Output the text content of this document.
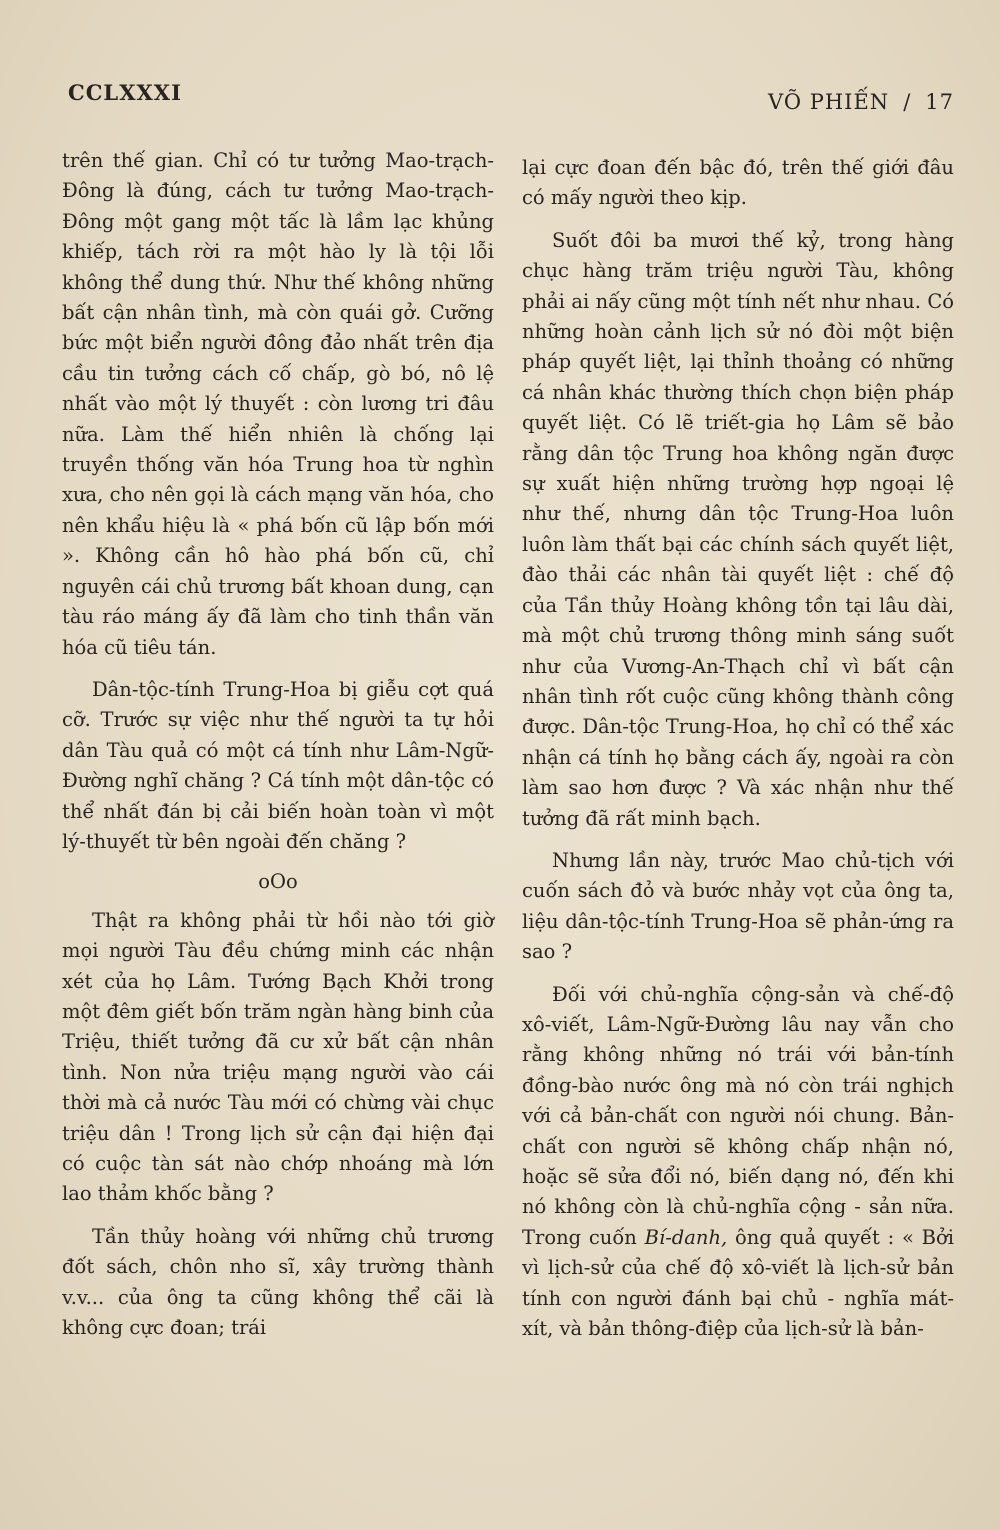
CCLXXXI	VÕ PHIẾN / 17

trên thế gian. Chỉ có tư tưởng Mao-trạch-Đông là đúng, cách tư tưởng Mao-trạch-Đông một gang một tấc là lầm lạc khủng khiếp, tách rời ra một hào ly là tội lỗi không thể dung thứ. Như thế không những bất cận nhân tình, mà còn quái gở. Cưỡng bức một biển người đông đảo nhất trên địa cầu tin tưởng cách cố chấp, gò bó, nô lệ nhất vào một lý thuyết : còn lương tri đâu nữa. Làm thế hiển nhiên là chống lại truyền thống văn hóa Trung hoa từ nghìn xưa, cho nên gọi là cách mạng văn hóa, cho nên khẩu hiệu là « phá bốn cũ lập bốn mới ». Không cần hô hào phá bốn cũ, chỉ nguyên cái chủ trương bất khoan dung, cạn tàu ráo máng ấy đã làm cho tinh thần văn hóa cũ tiêu tán.

Dân-tộc-tính Trung-Hoa bị giễu cợt quá cỡ. Trước sự việc như thế người ta tự hỏi dân Tàu quả có một cá tính như Lâm-Ngữ-Đường nghĩ chăng ? Cá tính một dân-tộc có thể nhất đán bị cải biến hoàn toàn vì một lý-thuyết từ bên ngoài đến chăng ?

oOo

Thật ra không phải từ hồi nào tới giờ mọi người Tàu đều chứng minh các nhận xét của họ Lâm. Tướng Bạch Khởi trong một đêm giết bốn trăm ngàn hàng binh của Triệu, thiết tưởng đã cư xử bất cận nhân tình. Non nửa triệu mạng người vào cái thời mà cả nước Tàu mới có chừng vài chục triệu dân ! Trong lịch sử cận đại hiện đại có cuộc tàn sát nào chớp nhoáng mà lớn lao thảm khốc bằng ?

Tần thủy hoàng với những chủ trương đốt sách, chôn nho sĩ, xây trường thành v.v... của ông ta cũng không thể cãi là không cực đoan; trái

lại cực đoan đến bậc đó, trên thế giới đâu có mấy người theo kịp.

Suốt đôi ba mươi thế kỷ, trong hàng chục hàng trăm triệu người Tàu, không phải ai nấy cũng một tính nết như nhau. Có những hoàn cảnh lịch sử nó đòi một biện pháp quyết liệt, lại thỉnh thoảng có những cá nhân khác thường thích chọn biện pháp quyết liệt. Có lẽ triết-gia họ Lâm sẽ bảo rằng dân tộc Trung hoa không ngăn được sự xuất hiện những trường hợp ngoại lệ như thế, nhưng dân tộc Trung-Hoa luôn luôn làm thất bại các chính sách quyết liệt, đào thải các nhân tài quyết liệt : chế độ của Tần thủy Hoàng không tồn tại lâu dài, mà một chủ trương thông minh sáng suốt như của Vương-An-Thạch chỉ vì bất cận nhân tình rốt cuộc cũng không thành công được. Dân-tộc Trung-Hoa, họ chỉ có thể xác nhận cá tính họ bằng cách ấy, ngoài ra còn làm sao hơn được ? Và xác nhận như thế tưởng đã rất minh bạch.

Nhưng lần này, trước Mao chủ-tịch với cuốn sách đỏ và bước nhảy vọt của ông ta, liệu dân-tộc-tính Trung-Hoa sẽ phản-ứng ra sao ?

Đối với chủ-nghĩa cộng-sản và chế-độ xô-viết, Lâm-Ngữ-Đường lâu nay vẫn cho rằng không những nó trái với bản-tính đồng-bào nước ông mà nó còn trái nghịch với cả bản-chất con người nói chung. Bản-chất con người sẽ không chấp nhận nó, hoặc sẽ sửa đổi nó, biến dạng nó, đến khi nó không còn là chủ-nghĩa cộng - sản nữa. Trong cuốn Bí-danh, ông quả quyết : « Bởi vì lịch-sử của chế độ xô-viết là lịch-sử bản tính con người đánh bại chủ - nghĩa mát-xít, và bản thông-điệp của lịch-sử là bản-
